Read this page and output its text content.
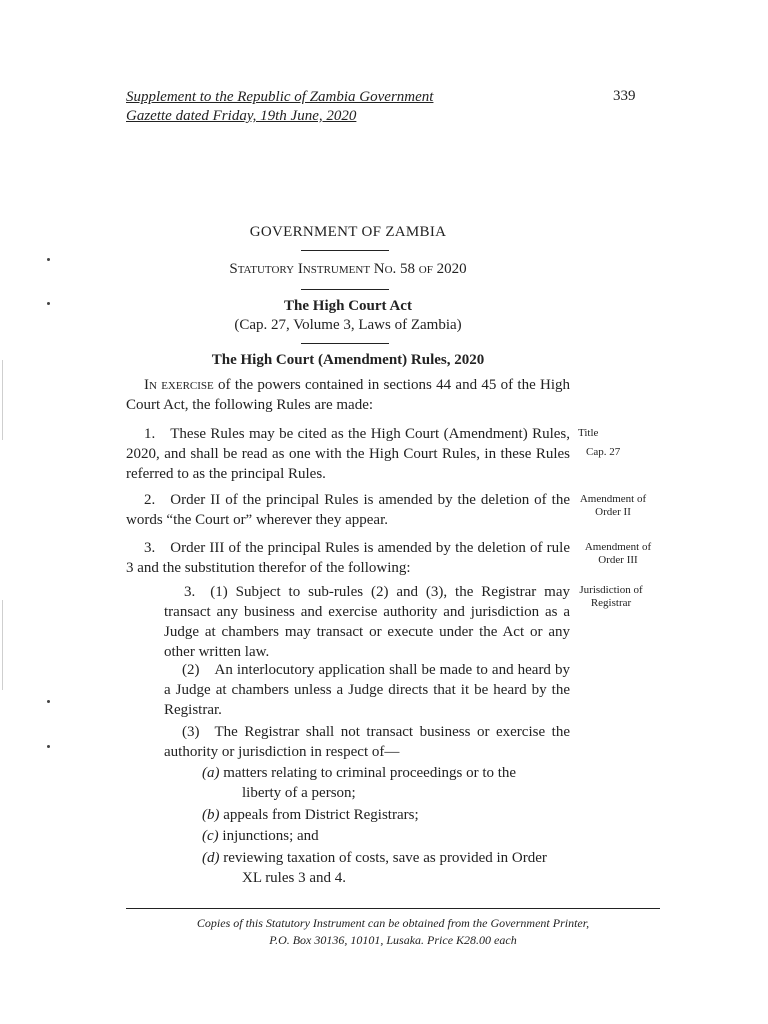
Supplement to the Republic of Zambia Government
Gazette dated Friday, 19th June, 2020
339
GOVERNMENT OF ZAMBIA
Statutory Instrument No. 58 of 2020
The High Court Act
(Cap. 27, Volume 3, Laws of Zambia)
The High Court (Amendment) Rules, 2020
In exercise of the powers contained in sections 44 and 45 of the High Court Act, the following Rules are made:
1. These Rules may be cited as the High Court (Amendment) Rules, 2020, and shall be read as one with the High Court Rules, in these Rules referred to as the principal Rules.
Title
Cap. 27
2. Order II of the principal Rules is amended by the deletion of the words “the Court or” wherever they appear.
Amendment of Order II
3. Order III of the principal Rules is amended by the deletion of rule 3 and the substitution therefor of the following:
Amendment of Order III
3. (1) Subject to sub-rules (2) and (3), the Registrar may transact any business and exercise authority and jurisdiction as a Judge at chambers may transact or execute under the Act or any other written law.
Jurisdiction of Registrar
(2) An interlocutory application shall be made to and heard by a Judge at chambers unless a Judge directs that it be heard by the Registrar.
(3) The Registrar shall not transact business or exercise the authority or jurisdiction in respect of—
(a) matters relating to criminal proceedings or to the
liberty of a person;
(b) appeals from District Registrars;
(c) injunctions; and
(d) reviewing taxation of costs, save as provided in Order
XL rules 3 and 4.
Copies of this Statutory Instrument can be obtained from the Government Printer,
P.O. Box 30136, 10101, Lusaka. Price K28.00 each
